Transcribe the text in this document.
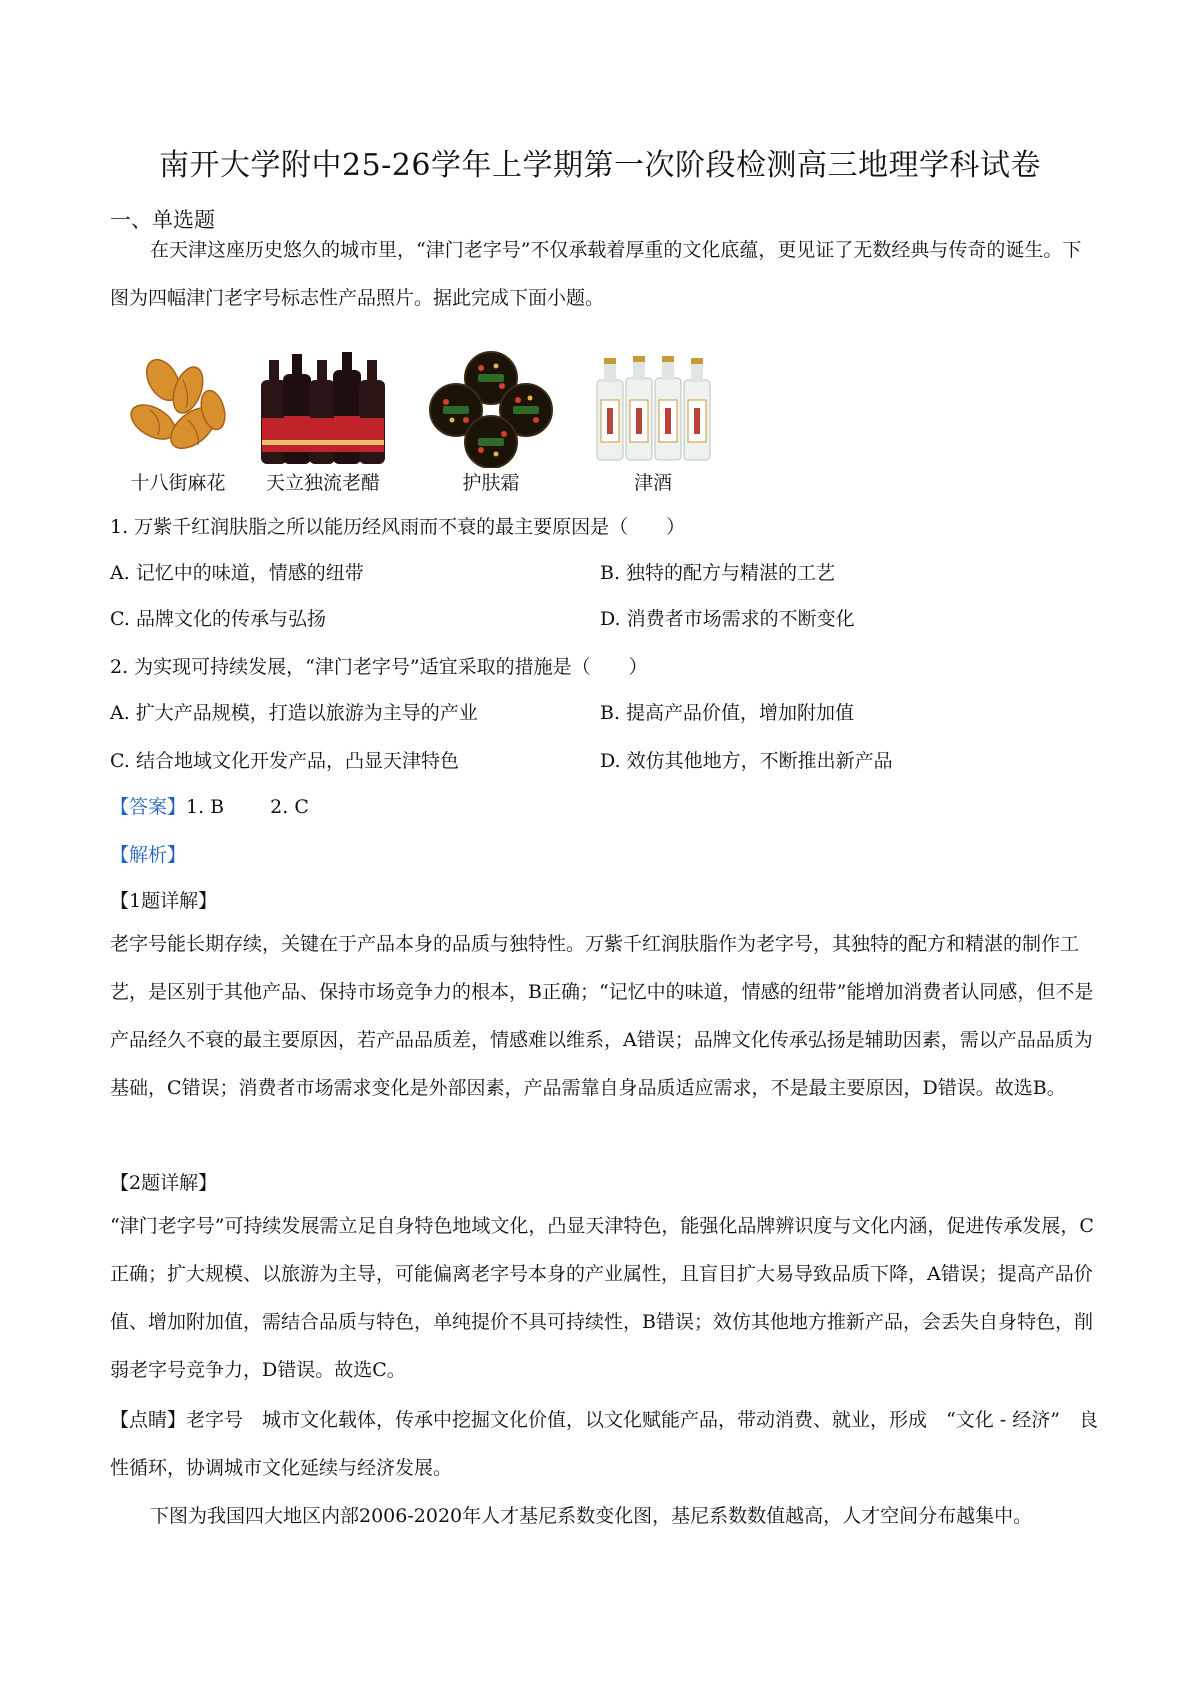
南开大学附中25-26学年上学期第一次阶段检测高三地理学科试卷
一、单选题

在天津这座历史悠久的城市里，“津门老字号”不仅承载着厚重的文化底蕴，更见证了无数经典与传奇的诞生。下图为四幅津门老字号标志性产品照片。据此完成下面小题。

十八街麻花	天立独流老醋	护肤霜	津酒
1. 万紫千红润肤脂之所以能历经风雨而不衰的最主要原因是（　　）
A. 记忆中的味道，情感的纽带	B. 独特的配方与精湛的工艺
C. 品牌文化的传承与弘扬	D. 消费者市场需求的不断变化
2. 为实现可持续发展，“津门老字号”适宜采取的措施是（　　）
A. 扩大产品规模，打造以旅游为主导的产业	B. 提高产品价值，增加附加值
C. 结合地域文化开发产品，凸显天津特色	D. 效仿其他地方，不断推出新产品
【答案】1. B 2. C
【解析】
【1题详解】

老字号能长期存续，关键在于产品本身的品质与独特性。万紫千红润肤脂作为老字号，其独特的配方和精湛的制作工艺，是区别于其他产品、保持市场竞争力的根本，B正确；“记忆中的味道，情感的纽带”能增加消费者认同感，但不是产品经久不衰的最主要原因，若产品品质差，情感难以维系，A错误；品牌文化传承弘扬是辅助因素，需以产品品质为基础，C错误；消费者市场需求变化是外部因素，产品需靠自身品质适应需求，不是最主要原因，D错误。故选B。

【2题详解】

“津门老字号”可持续发展需立足自身特色地域文化，凸显天津特色，能强化品牌辨识度与文化内涵，促进传承发展，C正确；扩大规模、以旅游为主导，可能偏离老字号本身的产业属性，且盲目扩大易导致品质下降，A错误；提高产品价值、增加附加值，需结合品质与特色，单纯提价不具可持续性，B错误；效仿其他地方推新产品，会丢失自身特色，削弱老字号竞争力，D错误。故选C。

【点睛】老字号　城市文化载体，传承中挖掘文化价值，以文化赋能产品，带动消费、就业，形成　“文化 - 经济”　良性循环，协调城市文化延续与经济发展。

下图为我国四大地区内部2006-2020年人才基尼系数变化图，基尼系数数值越高，人才空间分布越集中。
